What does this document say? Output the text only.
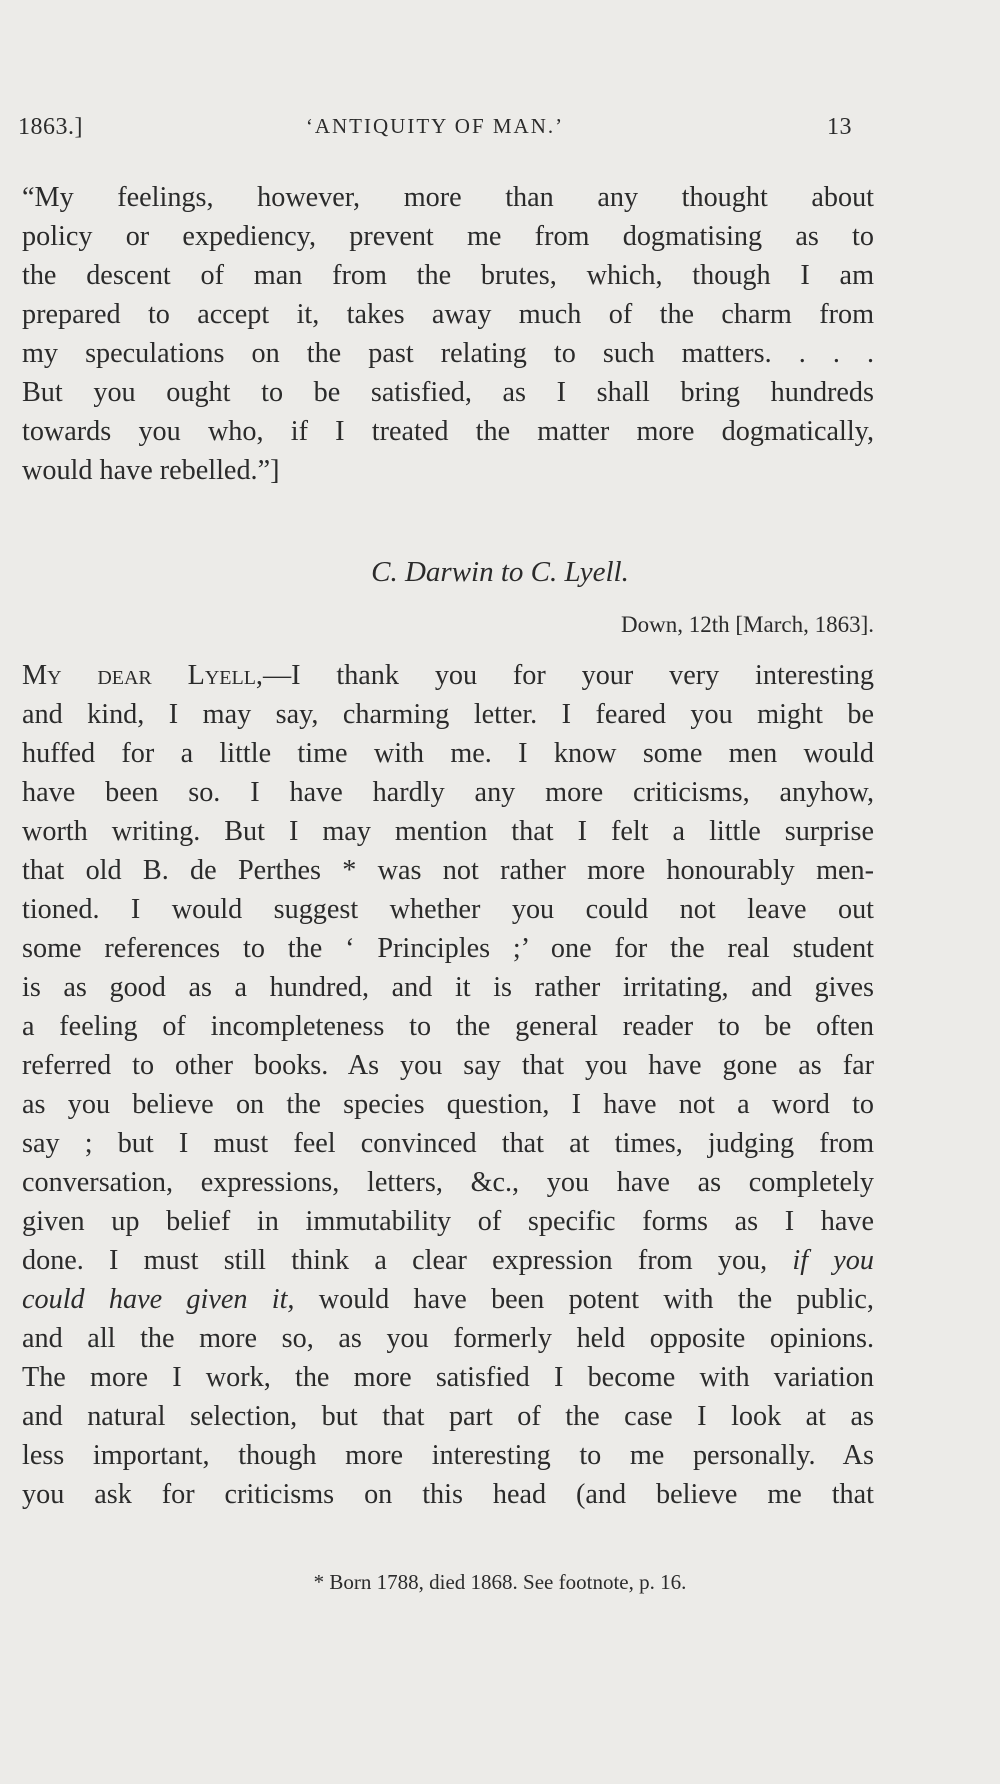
1863.]	‘ANTIQUITY OF MAN.’	13
“My feelings, however, more than any thought about
policy or expediency, prevent me from dogmatising as to
the descent of man from the brutes, which, though I am
prepared to accept it, takes away much of the charm from
my speculations on the past relating to such matters. . . .
But you ought to be satisfied, as I shall bring hundreds
towards you who, if I treated the matter more dogmatically,
would have rebelled.”]
C. Darwin to C. Lyell.
Down, 12th [March, 1863].
My dear Lyell,—I thank you for your very interesting
and kind, I may say, charming letter. I feared you might be
huffed for a little time with me. I know some men would
have been so. I have hardly any more criticisms, anyhow,
worth writing. But I may mention that I felt a little surprise
that old B. de Perthes * was not rather more honourably men-
tioned. I would suggest whether you could not leave out
some references to the ‘ Principles ;’ one for the real student
is as good as a hundred, and it is rather irritating, and gives
a feeling of incompleteness to the general reader to be often
referred to other books. As you say that you have gone as far
as you believe on the species question, I have not a word to
say ; but I must feel convinced that at times, judging from
conversation, expressions, letters, &c., you have as completely
given up belief in immutability of specific forms as I have
done. I must still think a clear expression from you, if you
could have given it, would have been potent with the public,
and all the more so, as you formerly held opposite opinions.
The more I work, the more satisfied I become with variation
and natural selection, but that part of the case I look at as
less important, though more interesting to me personally. As
you ask for criticisms on this head (and believe me that
* Born 1788, died 1868. See footnote, p. 16.
